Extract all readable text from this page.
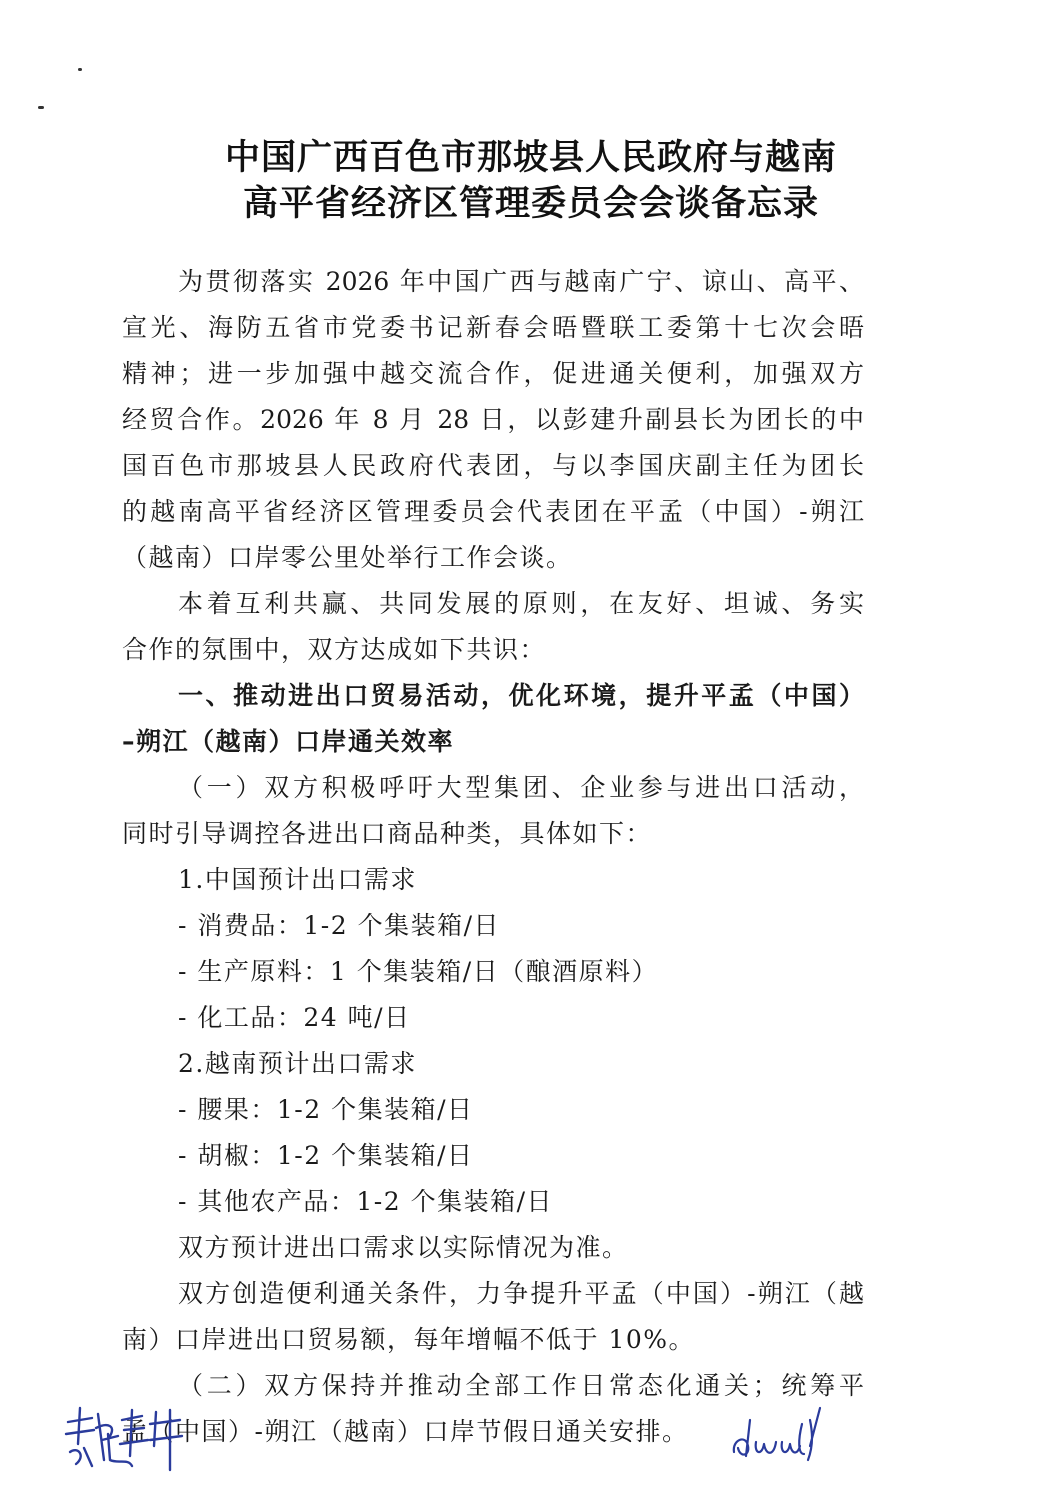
中国广西百色市那坡县人民政府与越南
高平省经济区管理委员会会谈备忘录
为贯彻落实 2026 年中国广西与越南广宁、谅山、高平、
宣光、海防五省市党委书记新春会晤暨联工委第十七次会晤
精神；进一步加强中越交流合作，促进通关便利，加强双方
经贸合作。2026 年 8 月 28 日，以彭建升副县长为团长的中
国百色市那坡县人民政府代表团，与以李国庆副主任为团长
的越南高平省经济区管理委员会代表团在平孟（中国）-朔江
（越南）口岸零公里处举行工作会谈。
本着互利共赢、共同发展的原则，在友好、坦诚、务实
合作的氛围中，双方达成如下共识：
一、推动进出口贸易活动，优化环境，提升平孟（中国）
–朔江（越南）口岸通关效率
（一）双方积极呼吁大型集团、企业参与进出口活动，
同时引导调控各进出口商品种类，具体如下：
1.中国预计出口需求
- 消费品：1-2 个集装箱/日
- 生产原料：1 个集装箱/日（酿酒原料）
- 化工品：24 吨/日
2.越南预计出口需求
- 腰果：1-2 个集装箱/日
- 胡椒：1-2 个集装箱/日
- 其他农产品：1-2 个集装箱/日
双方预计进出口需求以实际情况为准。
双方创造便利通关条件，力争提升平孟（中国）-朔江（越
南）口岸进出口贸易额，每年增幅不低于 10%。
（二）双方保持并推动全部工作日常态化通关；统筹平
孟（中国）-朔江（越南）口岸节假日通关安排。
